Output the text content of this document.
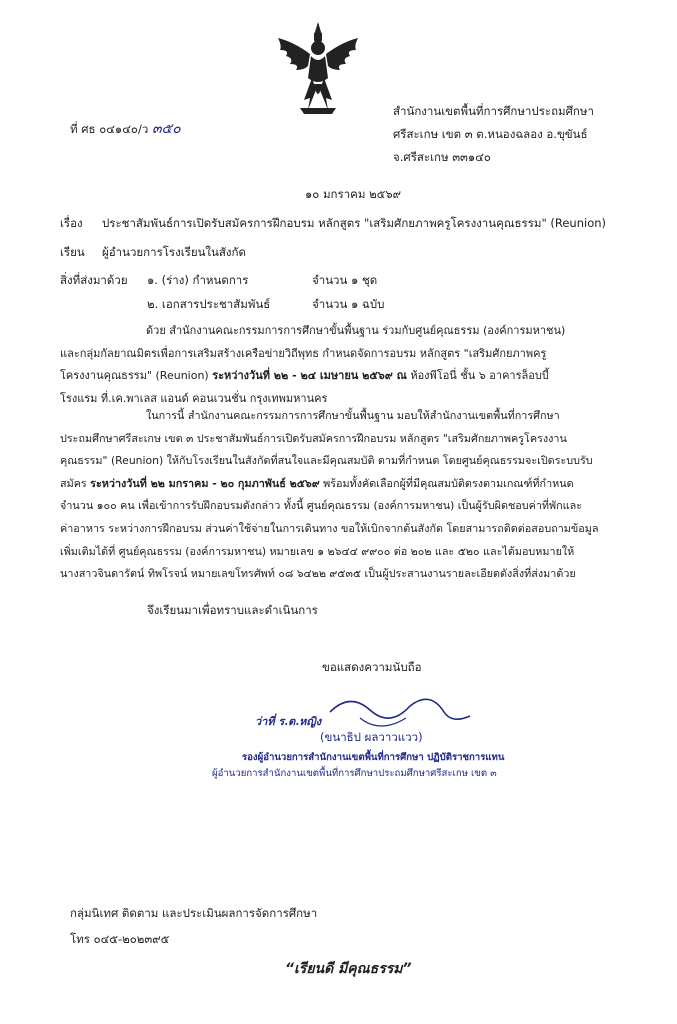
ที่ ศธ ๐๔๑๔๐/ว ๓๕๐
สำนักงานเขตพื้นที่การศึกษาประถมศึกษา
ศรีสะเกษ เขต ๓ ต.หนองฉลอง อ.ขุขันธ์
จ.ศรีสะเกษ ๓๓๑๔๐
๑๐ มกราคม ๒๕๖๙
เรื่อง ประชาสัมพันธ์การเปิดรับสมัครการฝึกอบรม หลักสูตร "เสริมศักยภาพครูโครงงานคุณธรรม" (Reunion)
เรียน ผู้อำนวยการโรงเรียนในสังกัด
สิ่งที่ส่งมาด้วย ๑. (ร่าง) กำหนดการ	จำนวน ๑ ชุด
๒. เอกสารประชาสัมพันธ์	จำนวน ๑ ฉบับ
ด้วย สำนักงานคณะกรรมการการศึกษาขั้นพื้นฐาน ร่วมกับศูนย์คุณธรรม (องค์การมหาชน)
และกลุ่มกัลยาณมิตรเพื่อการเสริมสร้างเครือข่ายวิถีพุทธ กำหนดจัดการอบรม หลักสูตร "เสริมศักยภาพครู
โครงงานคุณธรรม" (Reunion) ระหว่างวันที่ ๒๒ - ๒๔ เมษายน ๒๕๖๙ ณ ห้องพีโอนี่ ชั้น ๖ อาคารล็อบบี้
โรงแรม ที่.เค.พาเลส แอนด์ คอนเวนชั่น กรุงเทพมหานคร
ในการนี้ สำนักงานคณะกรรมการการศึกษาขั้นพื้นฐาน มอบให้สำนักงานเขตพื้นที่การศึกษา
ประถมศึกษาศรีสะเกษ เขต ๓ ประชาสัมพันธ์การเปิดรับสมัครการฝึกอบรม หลักสูตร "เสริมศักยภาพครูโครงงาน
คุณธรรม" (Reunion) ให้กับโรงเรียนในสังกัดที่สนใจและมีคุณสมบัติ ตามที่กำหนด โดยศูนย์คุณธรรมจะเปิดระบบรับ
สมัคร ระหว่างวันที่ ๒๒ มกราคม - ๒๐ กุมภาพันธ์ ๒๕๖๙ พร้อมทั้งคัดเลือกผู้ที่มีคุณสมบัติตรงตามเกณฑ์ที่กำหนด
จำนวน ๑๐๐ คน เพื่อเข้าการรับฝึกอบรมดังกล่าว ทั้งนี้ ศูนย์คุณธรรม (องค์การมหาชน) เป็นผู้รับผิดชอบค่าที่พักและ
ค่าอาหาร ระหว่างการฝึกอบรม ส่วนค่าใช้จ่ายในการเดินทาง ขอให้เบิกจากต้นสังกัด โดยสามารถติดต่อสอบถามข้อมูล
เพิ่มเติมได้ที่ ศูนย์คุณธรรม (องค์การมหาชน) หมายเลข ๑ ๒๖๔๔ ๙๙๐๐ ต่อ ๒๐๒ และ ๕๒๐ และได้มอบหมายให้
นางสาวจินดารัตน์ ทิพโรจน์ หมายเลขโทรศัพท์ ๐๘ ๖๔๒๒ ๙๕๓๕ เป็นผู้ประสานงานรายละเอียดดังสิ่งที่ส่งมาด้วย
จึงเรียนมาเพื่อทราบและดำเนินการ
ขอแสดงความนับถือ
ว่าที่ ร.ต.หญิง
(ขนาธิป ผลวาวแวว)
รองผู้อำนวยการสำนักงานเขตพื้นที่การศึกษา ปฏิบัติราชการแทน
ผู้อำนวยการสำนักงานเขตพื้นที่การศึกษาประถมศึกษาศรีสะเกษ เขต ๓
กลุ่มนิเทศ ติดตาม และประเมินผลการจัดการศึกษา
โทร ๐๔๕-๒๐๒๓๙๕
“เรียนดี มีคุณธรรม”
